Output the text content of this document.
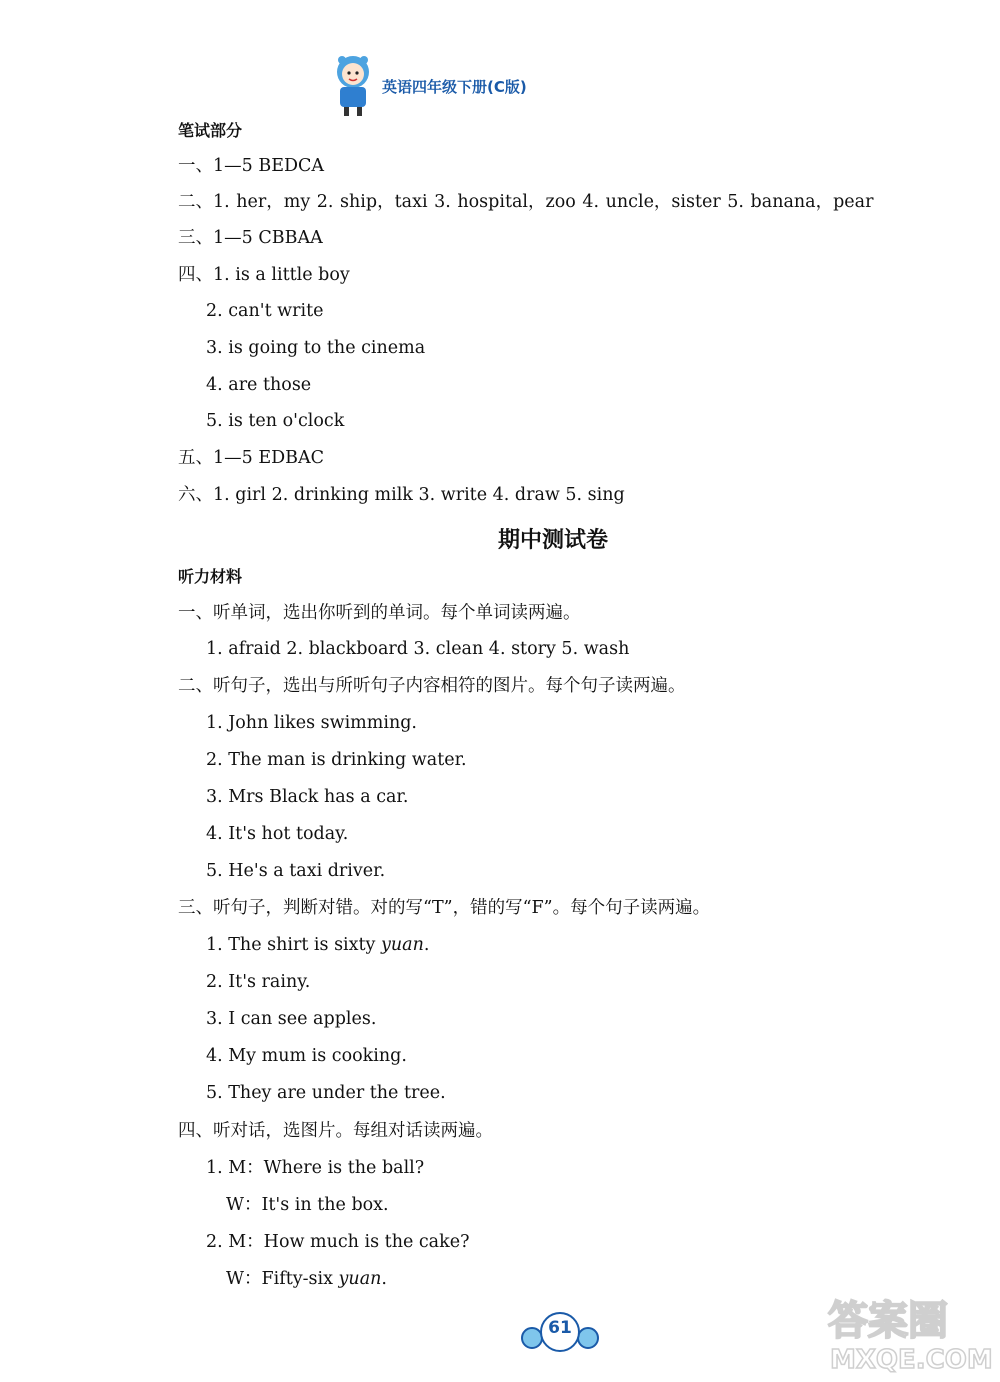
英语四年级下册(C版)
笔试部分
一、1—5 BEDCA
二、1. her，my 2. ship，taxi 3. hospital，zoo 4. uncle，sister 5. banana，pear
三、1—5 CBBAA
四、1. is a little boy
2. can't write
3. is going to the cinema
4. are those
5. is ten o'clock
五、1—5 EDBAC
六、1. girl 2. drinking milk 3. write 4. draw 5. sing
期中测试卷
听力材料
一、听单词，选出你听到的单词。每个单词读两遍。
1. afraid 2. blackboard 3. clean 4. story 5. wash
二、听句子，选出与所听句子内容相符的图片。每个句子读两遍。
1. John likes swimming.
2. The man is drinking water.
3. Mrs Black has a car.
4. It's hot today.
5. He's a taxi driver.
三、听句子，判断对错。对的写“T”，错的写“F”。每个句子读两遍。
1. The shirt is sixty yuan.
2. It's rainy.
3. I can see apples.
4. My mum is cooking.
5. They are under the tree.
四、听对话，选图片。每组对话读两遍。
1. M：Where is the ball?
W：It's in the box.
2. M：How much is the cake?
W：Fifty-six yuan.
61	答案圈
MXQE.COM
